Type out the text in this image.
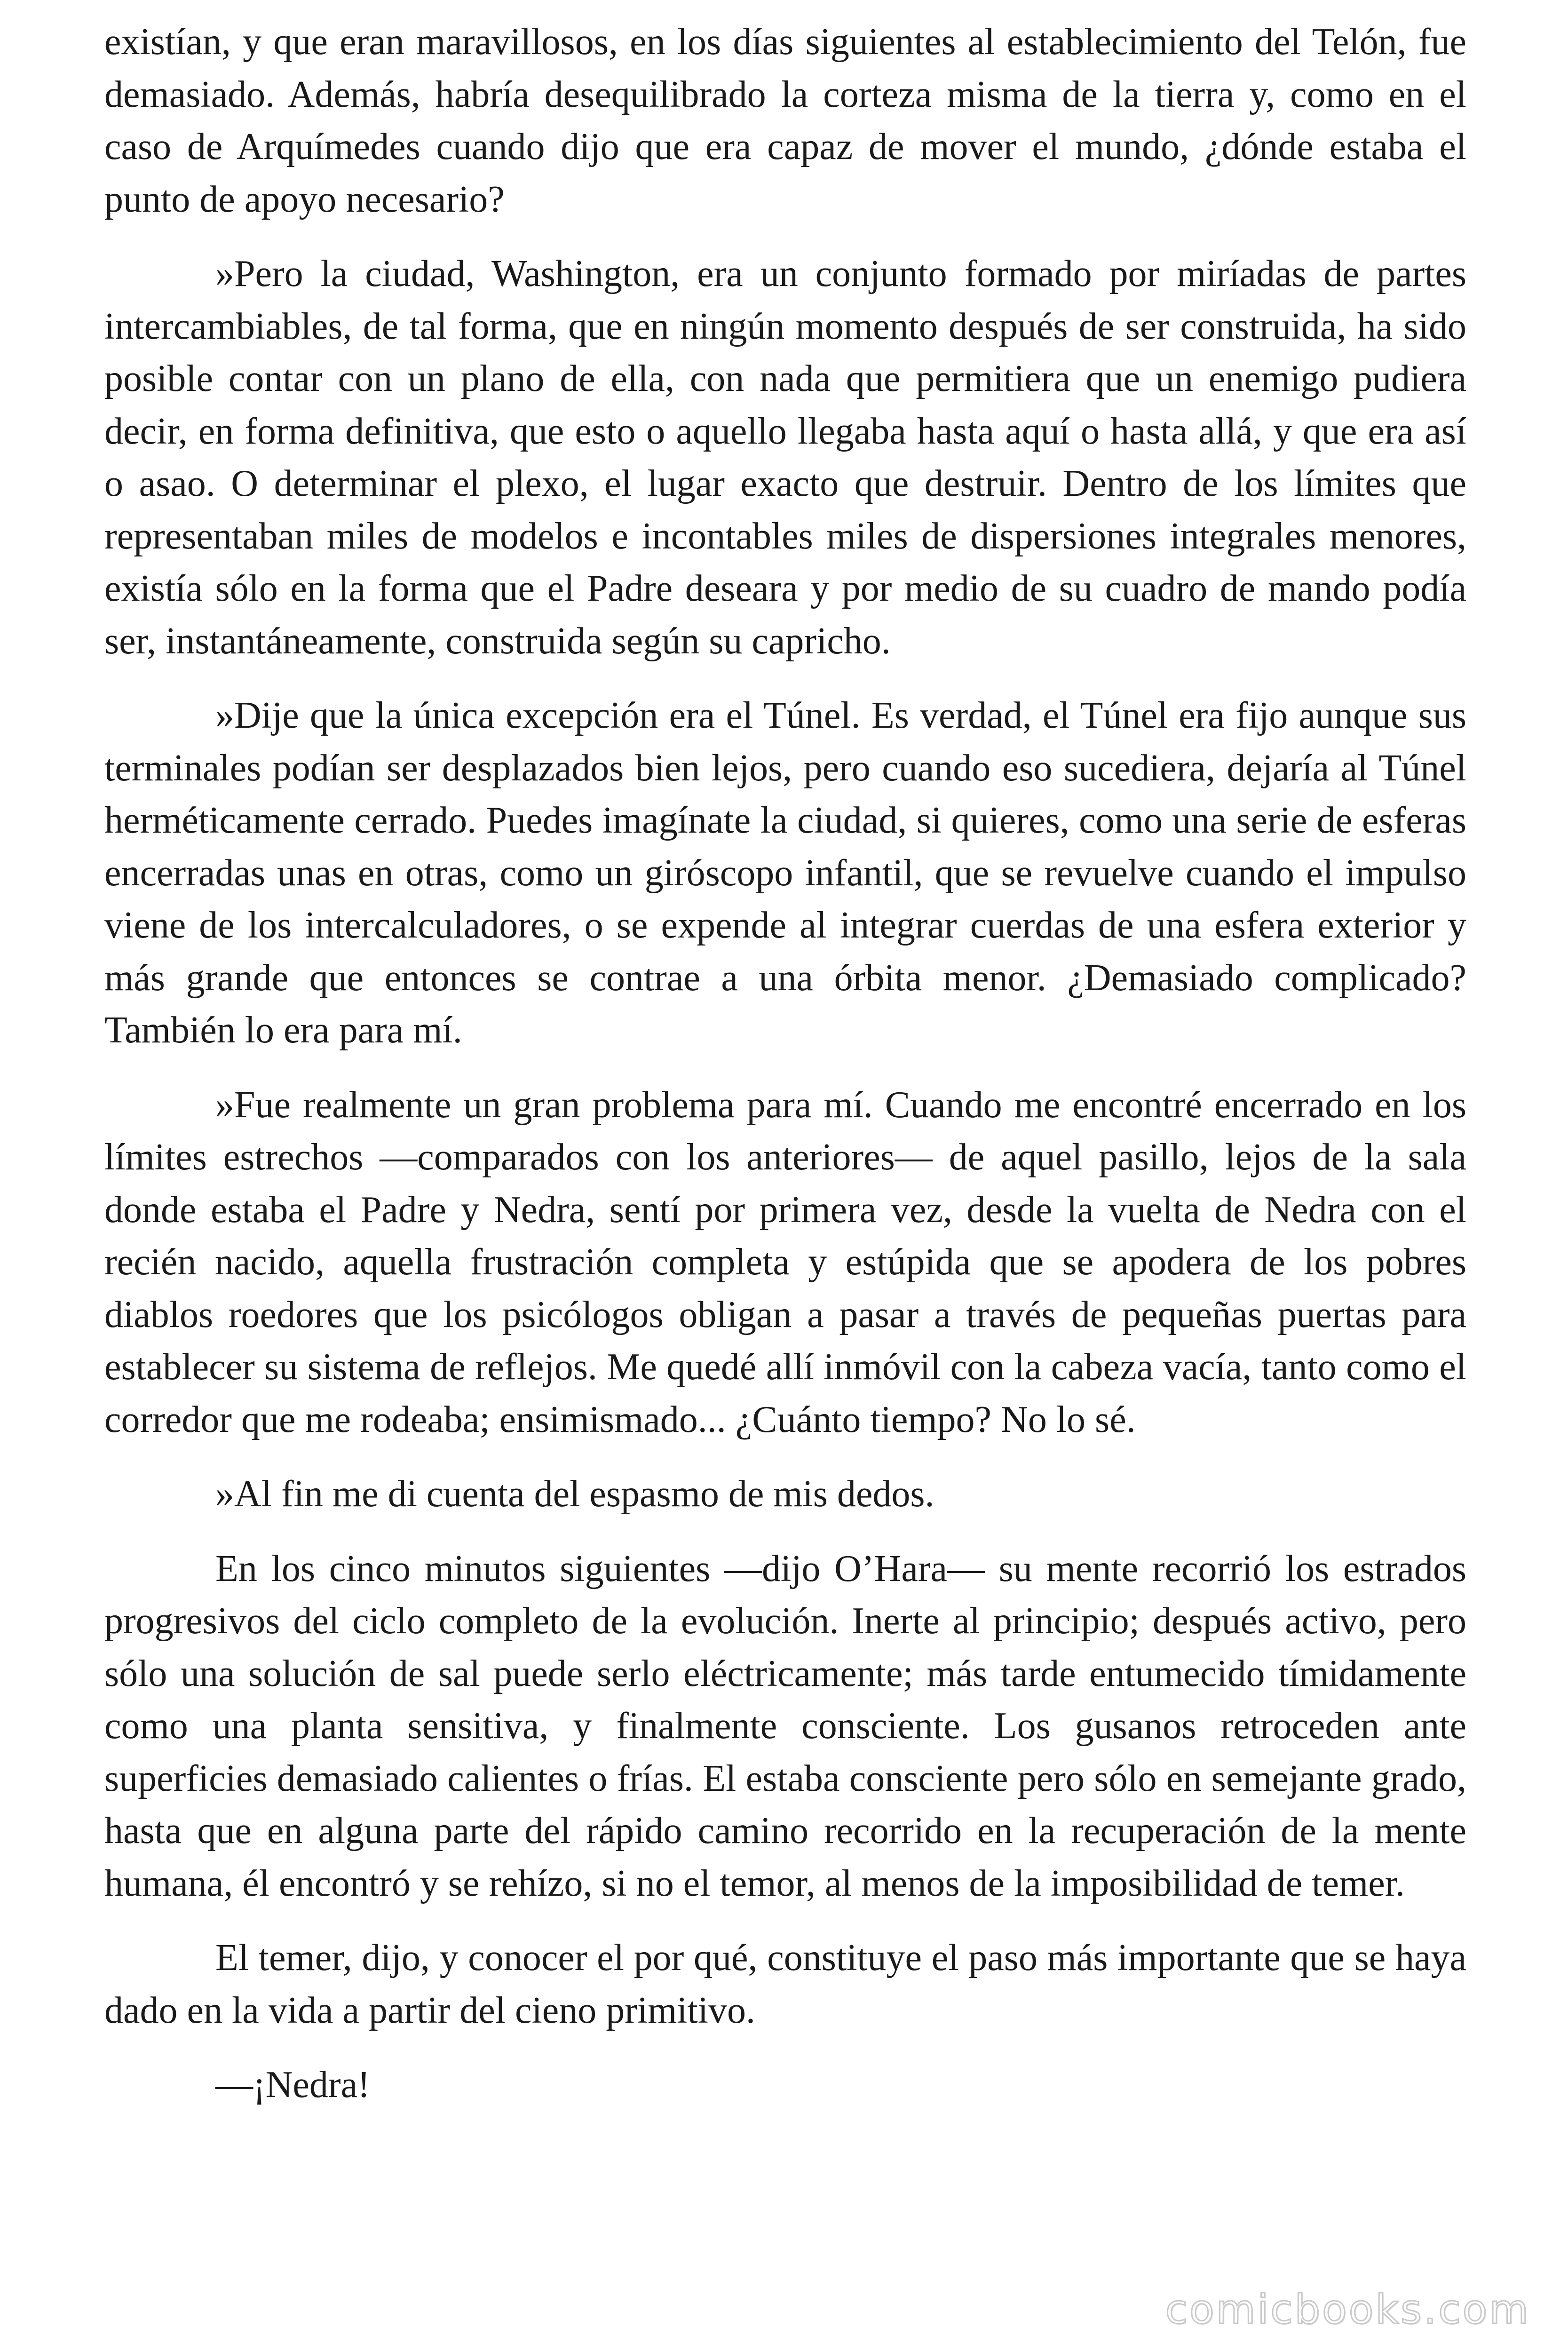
existían, y que eran maravillosos, en los días siguientes al establecimiento del Telón, fue demasiado. Además, habría desequilibrado la corteza misma de la tierra y, como en el caso de Arquímedes cuando dijo que era capaz de mover el mundo, ¿dónde estaba el punto de apoyo necesario?

»Pero la ciudad, Washington, era un conjunto formado por miríadas de partes intercambiables, de tal forma, que en ningún momento después de ser construida, ha sido posible contar con un plano de ella, con nada que permitiera que un enemigo pudiera decir, en forma definitiva, que esto o aquello llegaba hasta aquí o hasta allá, y que era así o asao. O determinar el plexo, el lugar exacto que destruir. Dentro de los límites que representaban miles de modelos e incontables miles de dispersiones integrales menores, existía sólo en la forma que el Padre deseara y por medio de su cuadro de mando podía ser, instantáneamente, construida según su capricho.

»Dije que la única excepción era el Túnel. Es verdad, el Túnel era fijo aunque sus terminales podían ser desplazados bien lejos, pero cuando eso sucediera, dejaría al Túnel herméticamente cerrado. Puedes imagínate la ciudad, si quieres, como una serie de esferas encerradas unas en otras, como un giróscopo infantil, que se revuelve cuando el impulso viene de los intercalculadores, o se expende al integrar cuerdas de una esfera exterior y más grande que entonces se contrae a una órbita menor. ¿Demasiado complicado? También lo era para mí.

»Fue realmente un gran problema para mí. Cuando me encontré encerrado en los límites estrechos —comparados con los anteriores— de aquel pasillo, lejos de la sala donde estaba el Padre y Nedra, sentí por primera vez, desde la vuelta de Nedra con el recién nacido, aquella frustración completa y estúpida que se apodera de los pobres diablos roedores que los psicólogos obligan a pasar a través de pequeñas puertas para establecer su sistema de reflejos. Me quedé allí inmóvil con la cabeza vacía, tanto como el corredor que me rodeaba; ensimismado... ¿Cuánto tiempo? No lo sé.

»Al fin me di cuenta del espasmo de mis dedos.

En los cinco minutos siguientes —dijo O’Hara— su mente recorrió los estrados progresivos del ciclo completo de la evolución. Inerte al principio; después activo, pero sólo una solución de sal puede serlo eléctricamente; más tarde entumecido tímidamente como una planta sensitiva, y finalmente consciente. Los gusanos retroceden ante superficies demasiado calientes o frías. El estaba consciente pero sólo en semejante grado, hasta que en alguna parte del rápido camino recorrido en la recuperación de la mente humana, él encontró y se rehízo, si no el temor, al menos de la imposibilidad de temer.

El temer, dijo, y conocer el por qué, constituye el paso más importante que se haya dado en la vida a partir del cieno primitivo.

—¡Nedra!

comicbooks.com
